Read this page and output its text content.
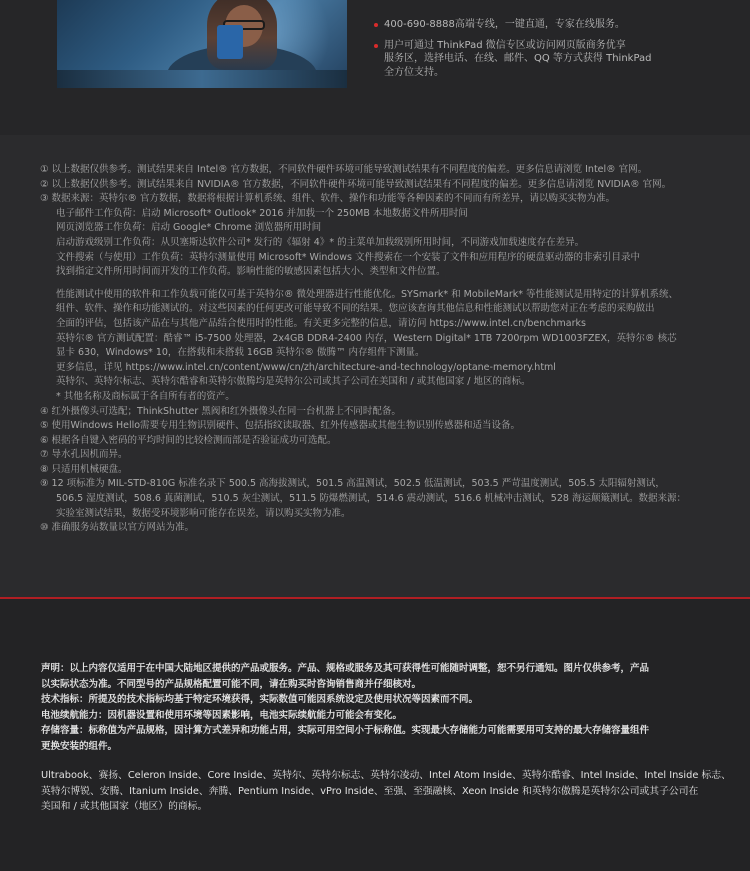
400-690-8888高端专线，一键直通，专家在线服务。
用户可通过 ThinkPad 微信专区或访问网页版商务优享
服务区，选择电话、在线、邮件、QQ 等方式获得 ThinkPad
全方位支持。
① 以上数据仅供参考。测试结果来自 Intel® 官方数据，不同软件硬件环境可能导致测试结果有不同程度的偏差。更多信息请浏览 Intel® 官网。
② 以上数据仅供参考。测试结果来自 NVIDIA® 官方数据，不同软件硬件环境可能导致测试结果有不同程度的偏差。更多信息请浏览 NVIDIA® 官网。
③ 数据来源：英特尔® 官方数据，数据将根据计算机系统、组件、软件、操作和功能等各种因素的不同而有所差异，请以购买实物为准。
电子邮件工作负荷：启动 Microsoft* Outlook* 2016 并加载一个 250MB 本地数据文件所用时间
网页浏览器工作负荷：启动 Google* Chrome 浏览器所用时间
启动游戏级别工作负荷：从贝塞斯达软件公司* 发行的《辐射 4》* 的主菜单加载级别所用时间，不同游戏加载速度存在差异。
文件搜索（与使用）工作负荷：英特尔测量使用 Microsoft* Windows 文件搜索在一个安装了文件和应用程序的硬盘驱动器的非索引目录中
找到指定文件所用时间而开发的工作负荷。影响性能的敏感因素包括大小、类型和文件位置。
性能测试中使用的软件和工作负载可能仅可基于英特尔® 微处理器进行性能优化。SYSmark* 和 MobileMark* 等性能测试是用特定的计算机系统、
组件、软件、操作和功能测试的。对这些因素的任何更改可能导致不同的结果。您应该查询其他信息和性能测试以帮助您对正在考虑的采购做出
全面的评估，包括该产品在与其他产品结合使用时的性能。有关更多完整的信息，请访问 https://www.intel.cn/benchmarks
英特尔® 官方测试配置：酷睿™ i5-7500 处理器，2x4GB DDR4-2400 内存，Western Digital* 1TB 7200rpm WD1003FZEX，英特尔® 核芯
显卡 630，Windows* 10，在搭载和未搭载 16GB 英特尔® 傲腾™ 内存组件下测量。
更多信息，详见 https://www.intel.cn/content/www/cn/zh/architecture-and-technology/optane-memory.html
英特尔、英特尔标志、英特尔酷睿和英特尔傲腾均是英特尔公司或其子公司在美国和 / 或其他国家 / 地区的商标。
* 其他名称及商标属于各自所有者的资产。
④ 红外摄像头可选配；ThinkShutter 黑阀和红外摄像头在同一台机器上不同时配备。
⑤ 使用Windows Hello需要专用生物识别硬件、包括指纹读取器、红外传感器或其他生物识别传感器和适当设备。
⑥ 根据各自键入密码的平均时间的比较检测而部是否验证成功可选配。
⑦ 导水孔因机而异。
⑧ 只适用机械硬盘。
⑨ 12 项标准为 MIL-STD-810G 标准名录下 500.5 高海拔测试，501.5 高温测试，502.5 低温测试，503.5 严苛温度测试，505.5 太阳辐射测试，
506.5 湿度测试，508.6 真菌测试，510.5 灰尘测试，511.5 防爆燃测试，514.6 震动测试，516.6 机械冲击测试，528 海运颠簸测试。数据来源：
实验室测试结果，数据受环境影响可能存在误差，请以购买实物为准。
⑩ 准确服务站数量以官方网站为准。
声明：以上内容仅适用于在中国大陆地区提供的产品或服务。产品、规格或服务及其可获得性可能随时调整，恕不另行通知。图片仅供参考，产品
以实际状态为准。不同型号的产品规格配置可能不同，请在购买时咨询销售商并仔细核对。
技术指标：所提及的技术指标均基于特定环境获得，实际数值可能因系统设定及使用状况等因素而不同。
电池续航能力：因机器设置和使用环境等因素影响，电池实际续航能力可能会有变化。
存储容量：标称值为产品规格，因计算方式差异和功能占用，实际可用空间小于标称值。实现最大存储能力可能需要用可支持的最大存储容量组件
更换安装的组件。
Ultrabook、赛扬、Celeron Inside、Core Inside、英特尔、英特尔标志、英特尔凌动、Intel Atom Inside、英特尔酷睿、Intel Inside、Intel Inside 标志、
英特尔博锐、安腾、Itanium Inside、奔腾、Pentium Inside、vPro Inside、至强、至强融核、Xeon Inside 和英特尔傲腾是英特尔公司或其子公司在
美国和 / 或其他国家（地区）的商标。
